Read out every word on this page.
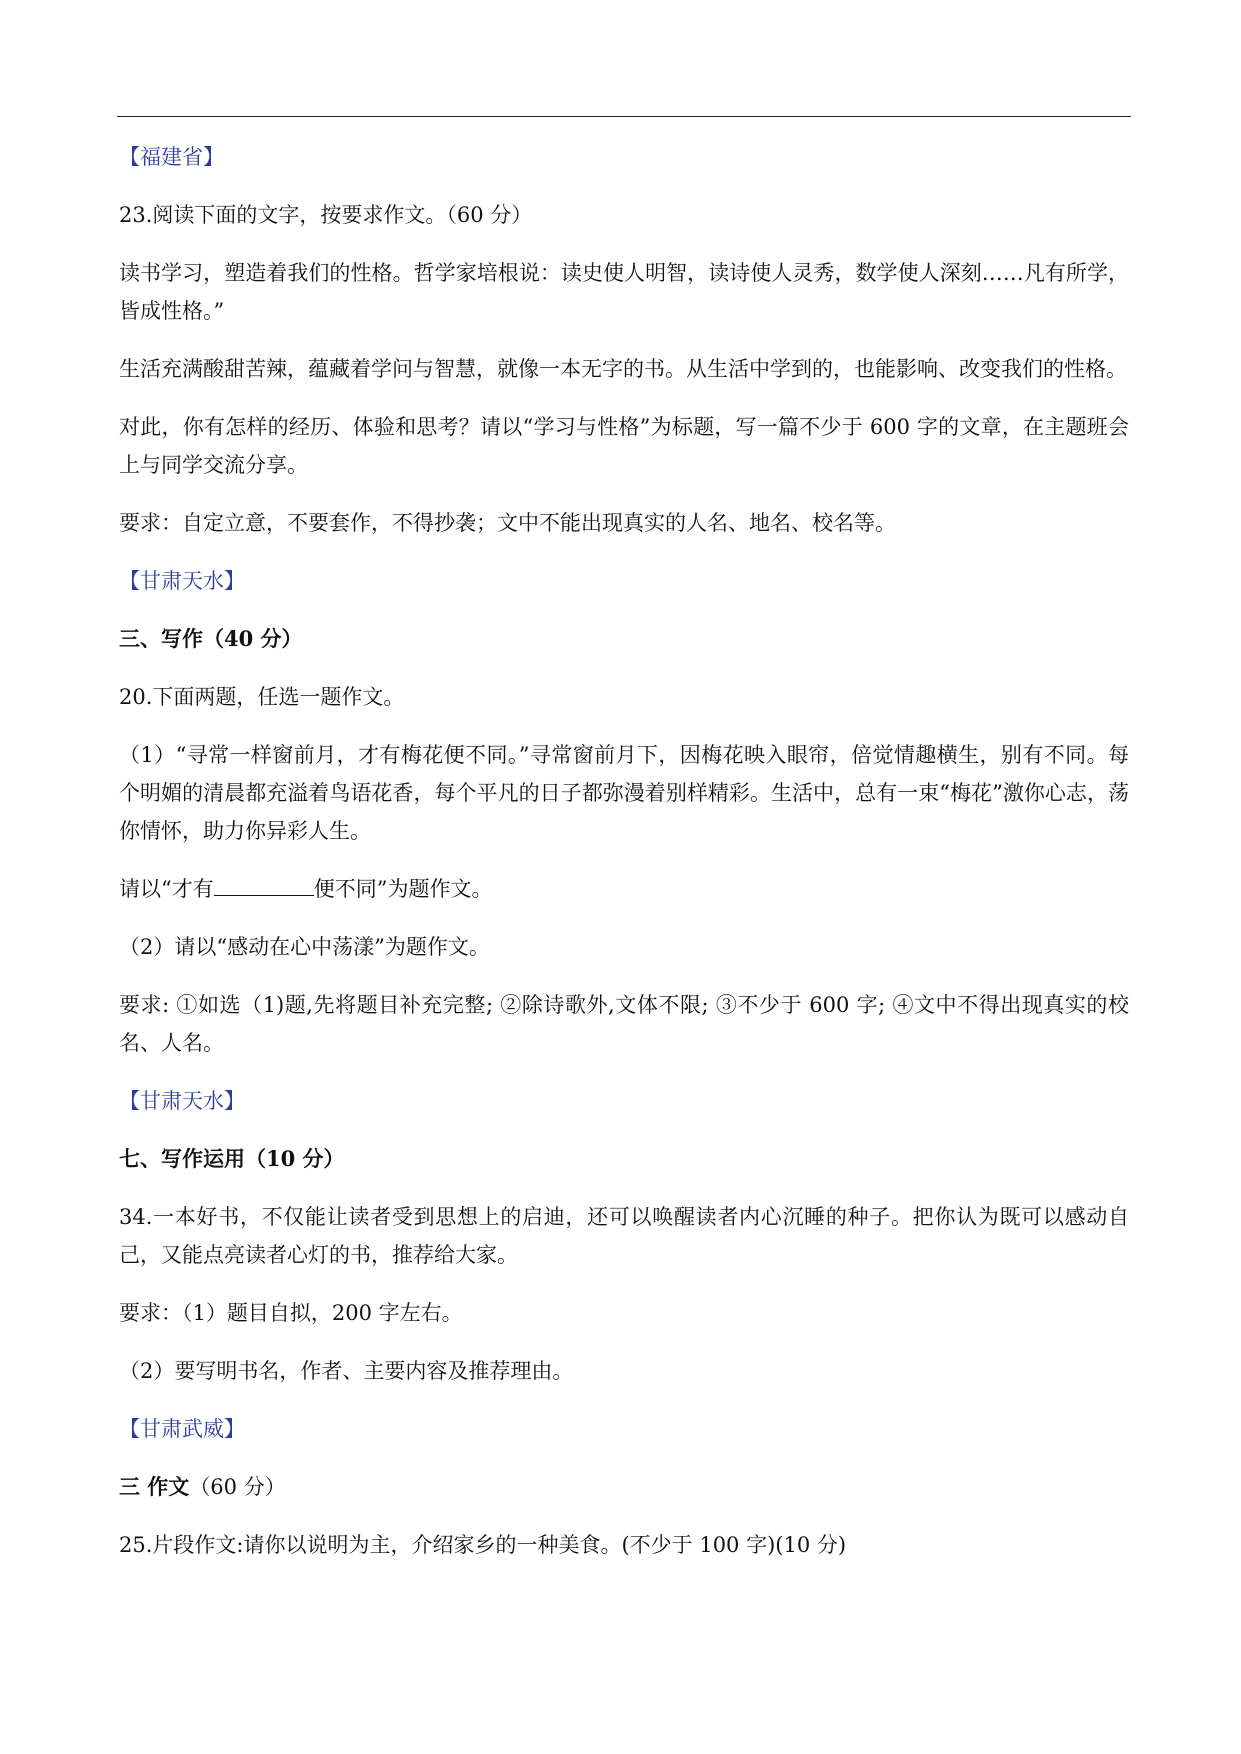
【福建省】

23.阅读下面的文字，按要求作文。（60 分）

读书学习，塑造着我们的性格。哲学家培根说：读史使人明智，读诗使人灵秀，数学使人深刻……凡有所学，皆成性格。”

生活充满酸甜苦辣，蕴藏着学问与智慧，就像一本无字的书。从生活中学到的，也能影响、改变我们的性格。

对此，你有怎样的经历、体验和思考？请以“学习与性格”为标题，写一篇不少于 600 字的文章，在主题班会上与同学交流分享。

要求：自定立意，不要套作，不得抄袭；文中不能出现真实的人名、地名、校名等。

【甘肃天水】

三、写作（40 分）

20.下面两题，任选一题作文。

（1）“寻常一样窗前月，才有梅花便不同。”寻常窗前月下，因梅花映入眼帘，倍觉情趣横生，别有不同。每个明媚的清晨都充溢着鸟语花香，每个平凡的日子都弥漫着别样精彩。生活中，总有一束“梅花”激你心志，荡你情怀，助力你异彩人生。

请以“才有	便不同”为题作文。

（2）请以“感动在心中荡漾”为题作文。

要求: ①如选（1)题,先将题目补充完整; ②除诗歌外,文体不限; ③不少于 600 字; ④文中不得出现真实的校名、人名。

【甘肃天水】

七、写作运用（10 分）

34.一本好书，不仅能让读者受到思想上的启迪，还可以唤醒读者内心沉睡的种子。把你认为既可以感动自己，又能点亮读者心灯的书，推荐给大家。

要求：（1）题目自拟，200 字左右。

（2）要写明书名，作者、主要内容及推荐理由。

【甘肃武威】

三 作文（60 分）

25.片段作文:请你以说明为主，介绍家乡的一种美食。(不少于 100 字)(10 分)
